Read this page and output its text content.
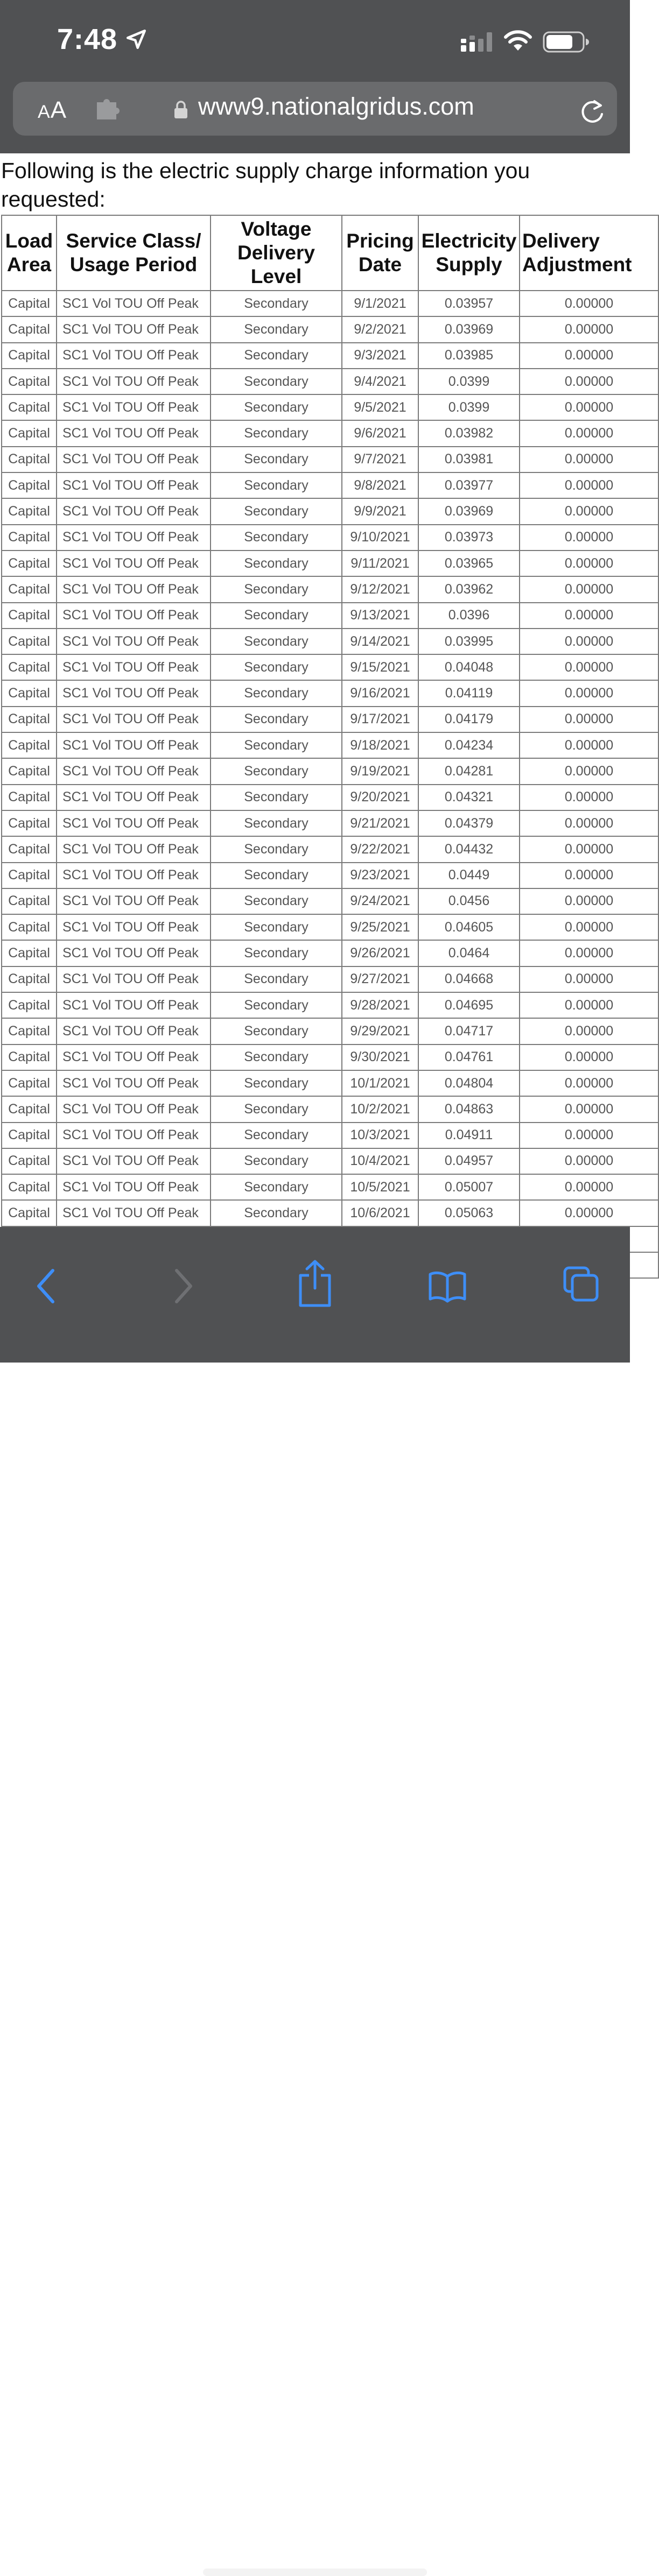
7:48
AA	www9.nationalgridus.com

Following is the electric supply charge information you requested:

Load Area	Service Class/ Usage Period	Voltage Delivery Level	Pricing Date	Electricity Supply	Delivery Adjustment
Capital	SC1 Vol TOU Off Peak	Secondary	9/1/2021	0.03957	0.00000
Capital	SC1 Vol TOU Off Peak	Secondary	9/2/2021	0.03969	0.00000
Capital	SC1 Vol TOU Off Peak	Secondary	9/3/2021	0.03985	0.00000
Capital	SC1 Vol TOU Off Peak	Secondary	9/4/2021	0.0399	0.00000
Capital	SC1 Vol TOU Off Peak	Secondary	9/5/2021	0.0399	0.00000
Capital	SC1 Vol TOU Off Peak	Secondary	9/6/2021	0.03982	0.00000
Capital	SC1 Vol TOU Off Peak	Secondary	9/7/2021	0.03981	0.00000
Capital	SC1 Vol TOU Off Peak	Secondary	9/8/2021	0.03977	0.00000
Capital	SC1 Vol TOU Off Peak	Secondary	9/9/2021	0.03969	0.00000
Capital	SC1 Vol TOU Off Peak	Secondary	9/10/2021	0.03973	0.00000
Capital	SC1 Vol TOU Off Peak	Secondary	9/11/2021	0.03965	0.00000
Capital	SC1 Vol TOU Off Peak	Secondary	9/12/2021	0.03962	0.00000
Capital	SC1 Vol TOU Off Peak	Secondary	9/13/2021	0.0396	0.00000
Capital	SC1 Vol TOU Off Peak	Secondary	9/14/2021	0.03995	0.00000
Capital	SC1 Vol TOU Off Peak	Secondary	9/15/2021	0.04048	0.00000
Capital	SC1 Vol TOU Off Peak	Secondary	9/16/2021	0.04119	0.00000
Capital	SC1 Vol TOU Off Peak	Secondary	9/17/2021	0.04179	0.00000
Capital	SC1 Vol TOU Off Peak	Secondary	9/18/2021	0.04234	0.00000
Capital	SC1 Vol TOU Off Peak	Secondary	9/19/2021	0.04281	0.00000
Capital	SC1 Vol TOU Off Peak	Secondary	9/20/2021	0.04321	0.00000
Capital	SC1 Vol TOU Off Peak	Secondary	9/21/2021	0.04379	0.00000
Capital	SC1 Vol TOU Off Peak	Secondary	9/22/2021	0.04432	0.00000
Capital	SC1 Vol TOU Off Peak	Secondary	9/23/2021	0.0449	0.00000
Capital	SC1 Vol TOU Off Peak	Secondary	9/24/2021	0.0456	0.00000
Capital	SC1 Vol TOU Off Peak	Secondary	9/25/2021	0.04605	0.00000
Capital	SC1 Vol TOU Off Peak	Secondary	9/26/2021	0.0464	0.00000
Capital	SC1 Vol TOU Off Peak	Secondary	9/27/2021	0.04668	0.00000
Capital	SC1 Vol TOU Off Peak	Secondary	9/28/2021	0.04695	0.00000
Capital	SC1 Vol TOU Off Peak	Secondary	9/29/2021	0.04717	0.00000
Capital	SC1 Vol TOU Off Peak	Secondary	9/30/2021	0.04761	0.00000
Capital	SC1 Vol TOU Off Peak	Secondary	10/1/2021	0.04804	0.00000
Capital	SC1 Vol TOU Off Peak	Secondary	10/2/2021	0.04863	0.00000
Capital	SC1 Vol TOU Off Peak	Secondary	10/3/2021	0.04911	0.00000
Capital	SC1 Vol TOU Off Peak	Secondary	10/4/2021	0.04957	0.00000
Capital	SC1 Vol TOU Off Peak	Secondary	10/5/2021	0.05007	0.00000
Capital	SC1 Vol TOU Off Peak	Secondary	10/6/2021	0.05063	0.00000
